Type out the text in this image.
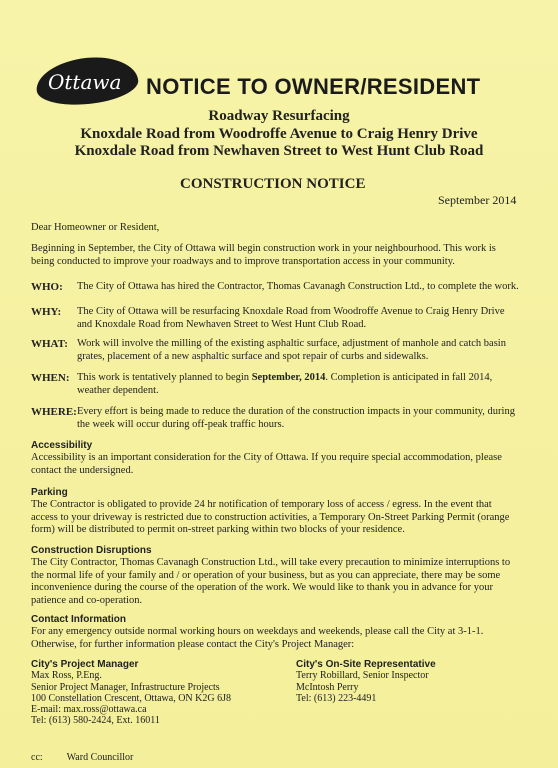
Ottawa NOTICE TO OWNER/RESIDENT
Roadway Resurfacing
Knoxdale Road from Woodroffe Avenue to Craig Henry Drive
Knoxdale Road from Newhaven Street to West Hunt Club Road
CONSTRUCTION NOTICE
September 2014
Dear Homeowner or Resident,
Beginning in September, the City of Ottawa will begin construction work in your neighbourhood. This work is being conducted to improve your roadways and to improve transportation access in your community.
WHO: The City of Ottawa has hired the Contractor, Thomas Cavanagh Construction Ltd., to complete the work.
WHY: The City of Ottawa will be resurfacing Knoxdale Road from Woodroffe Avenue to Craig Henry Drive and Knoxdale Road from Newhaven Street to West Hunt Club Road.
WHAT: Work will involve the milling of the existing asphaltic surface, adjustment of manhole and catch basin grates, placement of a new asphaltic surface and spot repair of curbs and sidewalks.
WHEN: This work is tentatively planned to begin September, 2014. Completion is anticipated in fall 2014, weather dependent.
WHERE: Every effort is being made to reduce the duration of the construction impacts in your community, during the week will occur during off-peak traffic hours.
Accessibility
Accessibility is an important consideration for the City of Ottawa. If you require special accommodation, please contact the undersigned.
Parking
The Contractor is obligated to provide 24 hr notification of temporary loss of access / egress. In the event that access to your driveway is restricted due to construction activities, a Temporary On-Street Parking Permit (orange form) will be distributed to permit on-street parking within two blocks of your residence.
Construction Disruptions
The City Contractor, Thomas Cavanagh Construction Ltd., will take every precaution to minimize interruptions to the normal life of your family and / or operation of your business, but as you can appreciate, there may be some inconvenience during the course of the operation of the work. We would like to thank you in advance for your patience and co-operation.
Contact Information
For any emergency outside normal working hours on weekdays and weekends, please call the City at 3-1-1. Otherwise, for further information please contact the City's Project Manager:
City's Project Manager
Max Ross, P.Eng.
Senior Project Manager, Infrastructure Projects
100 Constellation Crescent, Ottawa, ON K2G 6J8
E-mail: max.ross@ottawa.ca
Tel: (613) 580-2424, Ext. 16011
City's On-Site Representative
Terry Robillard, Senior Inspector
McIntosh Perry
Tel: (613) 223-4491
cc: Ward Councillor
